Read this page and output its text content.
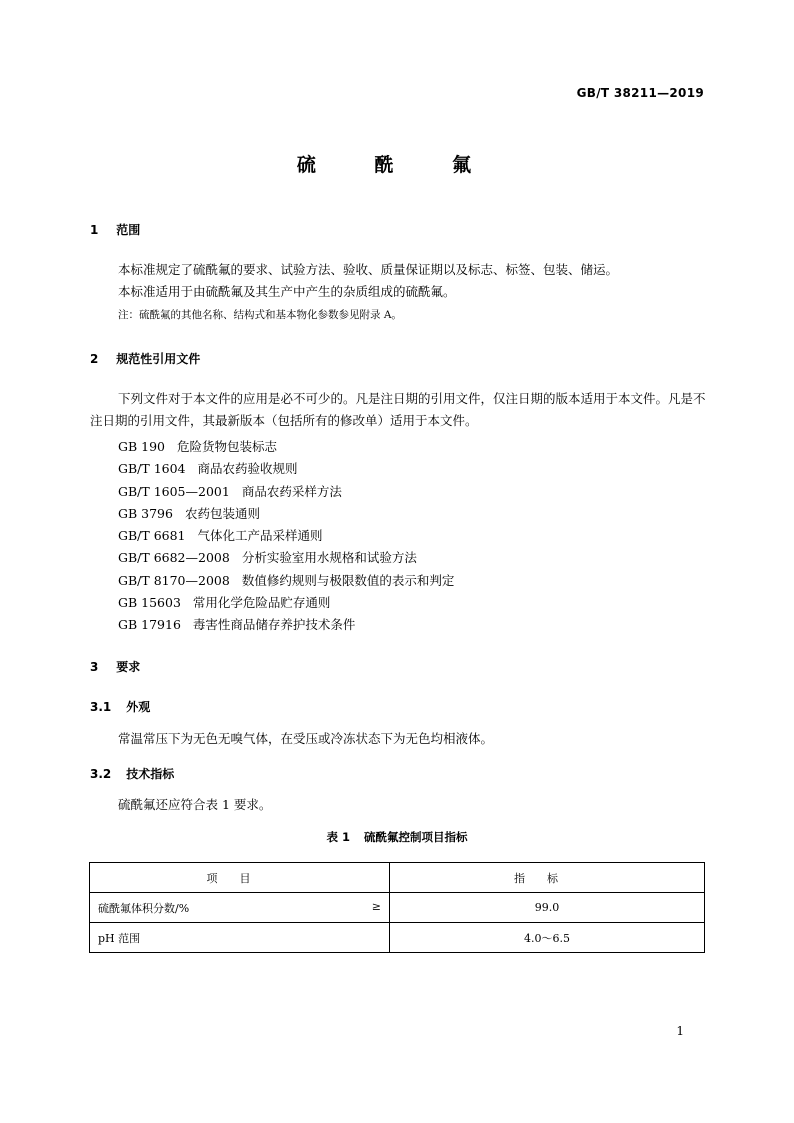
GB/T 38211—2019
硫 酰 氟
1 范围
本标准规定了硫酰氟的要求、试验方法、验收、质量保证期以及标志、标签、包装、储运。
本标准适用于由硫酰氟及其生产中产生的杂质组成的硫酰氟。
注：硫酰氟的其他名称、结构式和基本物化参数参见附录 A。
2 规范性引用文件
下列文件对于本文件的应用是必不可少的。凡是注日期的引用文件，仅注日期的版本适用于本文件。凡是不注日期的引用文件，其最新版本（包括所有的修改单）适用于本文件。
GB 190 危险货物包装标志
GB/T 1604 商品农药验收规则
GB/T 1605—2001 商品农药采样方法
GB 3796 农药包装通则
GB/T 6681 气体化工产品采样通则
GB/T 6682—2008 分析实验室用水规格和试验方法
GB/T 8170—2008 数值修约规则与极限数值的表示和判定
GB 15603 常用化学危险品贮存通则
GB 17916 毒害性商品储存养护技术条件
3 要求
3.1 外观
常温常压下为无色无嗅气体，在受压或冷冻状态下为无色均相液体。
3.2 技术指标
硫酰氟还应符合表 1 要求。
表 1 硫酰氟控制项目指标
项目	指标
硫酰氟体积分数/% ≥	99.0
pH 范围	4.0～6.5
1
